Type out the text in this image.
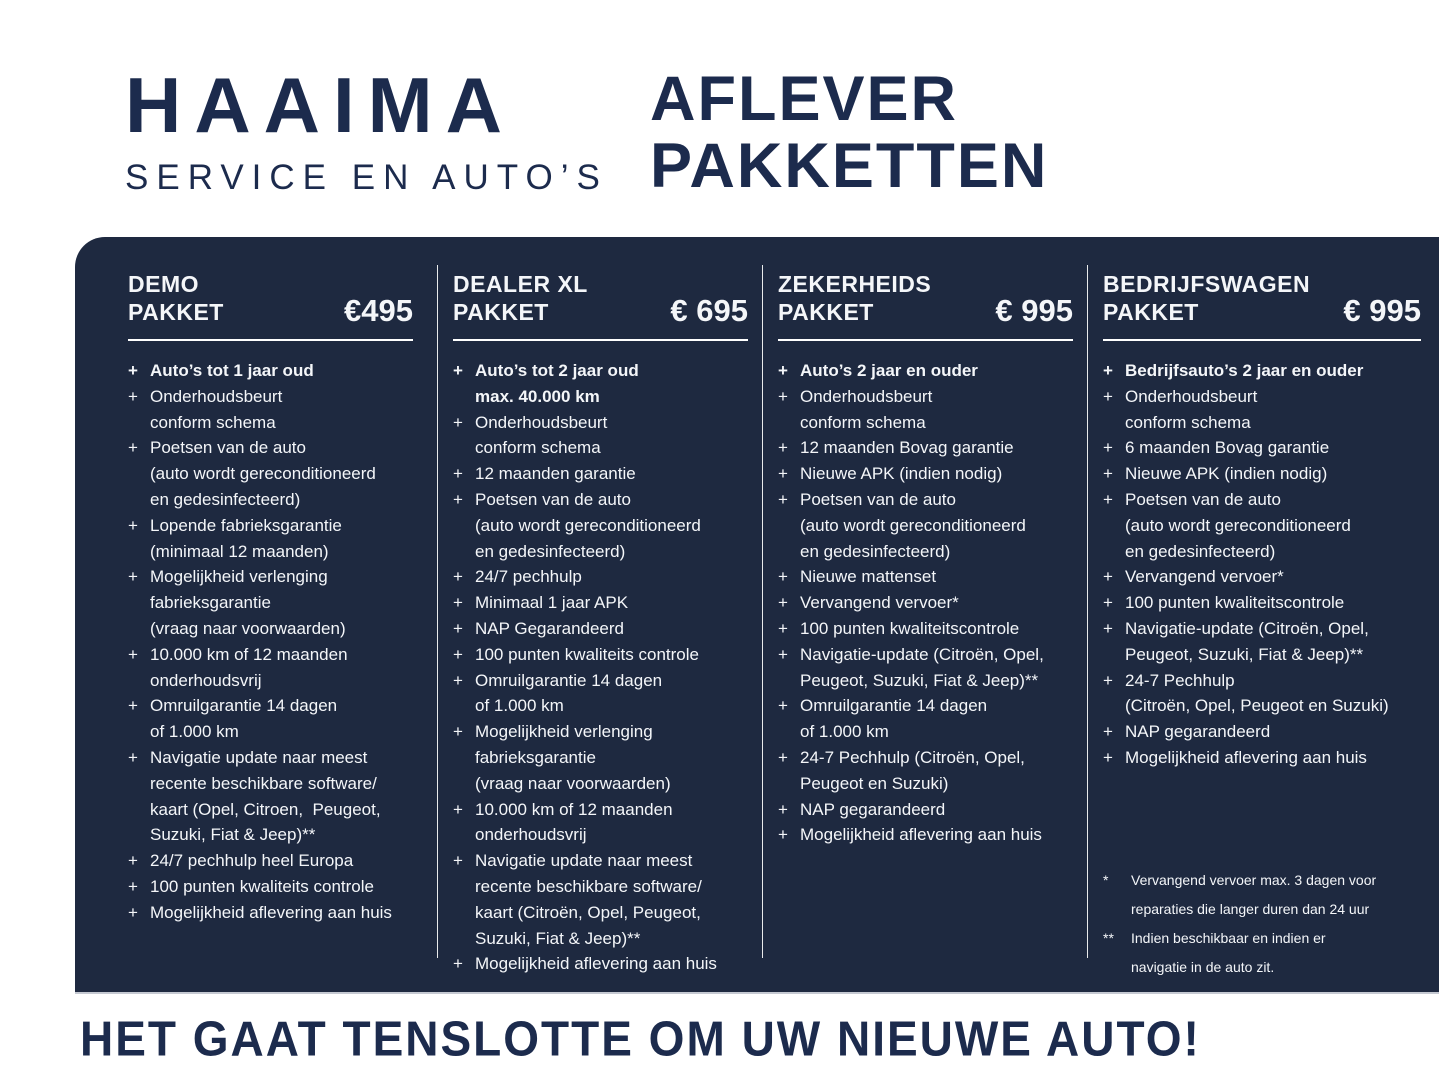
HAAIMA
SERVICE EN AUTO’S
AFLEVER
PAKKETTEN
DEMO
PAKKET	€495
+ Auto’s tot 1 jaar oud
+ Onderhoudsbeurt
conform schema
+ Poetsen van de auto
(auto wordt gereconditioneerd
en gedesinfecteerd)
+ Lopende fabrieksgarantie
(minimaal 12 maanden)
+ Mogelijkheid verlenging
fabrieksgarantie
(vraag naar voorwaarden)
+ 10.000 km of 12 maanden
onderhoudsvrij
+ Omruilgarantie 14 dagen
of 1.000 km
+ Navigatie update naar meest
recente beschikbare software/
kaart (Opel, Citroen,  Peugeot,
Suzuki, Fiat & Jeep)**
+ 24/7 pechhulp heel Europa
+ 100 punten kwaliteits controle
+ Mogelijkheid aflevering aan huis
DEALER XL
PAKKET	€ 695
+ Auto’s tot 2 jaar oud
max. 40.000 km
+ Onderhoudsbeurt
conform schema
+ 12 maanden garantie
+ Poetsen van de auto
(auto wordt gereconditioneerd
en gedesinfecteerd)
+ 24/7 pechhulp
+ Minimaal 1 jaar APK
+ NAP Gegarandeerd
+ 100 punten kwaliteits controle
+ Omruilgarantie 14 dagen
of 1.000 km
+ Mogelijkheid verlenging
fabrieksgarantie
(vraag naar voorwaarden)
+ 10.000 km of 12 maanden
onderhoudsvrij
+ Navigatie update naar meest
recente beschikbare software/
kaart (Citroën, Opel, Peugeot,
Suzuki, Fiat & Jeep)**
+ Mogelijkheid aflevering aan huis
ZEKERHEIDS
PAKKET	€ 995
+ Auto’s 2 jaar en ouder
+ Onderhoudsbeurt
conform schema
+ 12 maanden Bovag garantie
+ Nieuwe APK (indien nodig)
+ Poetsen van de auto
(auto wordt gereconditioneerd
en gedesinfecteerd)
+ Nieuwe mattenset
+ Vervangend vervoer*
+ 100 punten kwaliteitscontrole
+ Navigatie-update (Citroën, Opel,
Peugeot, Suzuki, Fiat & Jeep)**
+ Omruilgarantie 14 dagen
of 1.000 km
+ 24-7 Pechhulp (Citroën, Opel,
Peugeot en Suzuki)
+ NAP gegarandeerd
+ Mogelijkheid aflevering aan huis
BEDRIJFSWAGEN
PAKKET	€ 995
+ Bedrijfsauto’s 2 jaar en ouder
+ Onderhoudsbeurt
conform schema
+ 6 maanden Bovag garantie
+ Nieuwe APK (indien nodig)
+ Poetsen van de auto
(auto wordt gereconditioneerd
en gedesinfecteerd)
+ Vervangend vervoer*
+ 100 punten kwaliteitscontrole
+ Navigatie-update (Citroën, Opel,
Peugeot, Suzuki, Fiat & Jeep)**
+ 24-7 Pechhulp
(Citroën, Opel, Peugeot en Suzuki)
+ NAP gegarandeerd
+ Mogelijkheid aflevering aan huis
*	Vervangend vervoer max. 3 dagen voor
reparaties die langer duren dan 24 uur
**	Indien beschikbaar en indien er
navigatie in de auto zit.
HET GAAT TENSLOTTE OM UW NIEUWE AUTO!
